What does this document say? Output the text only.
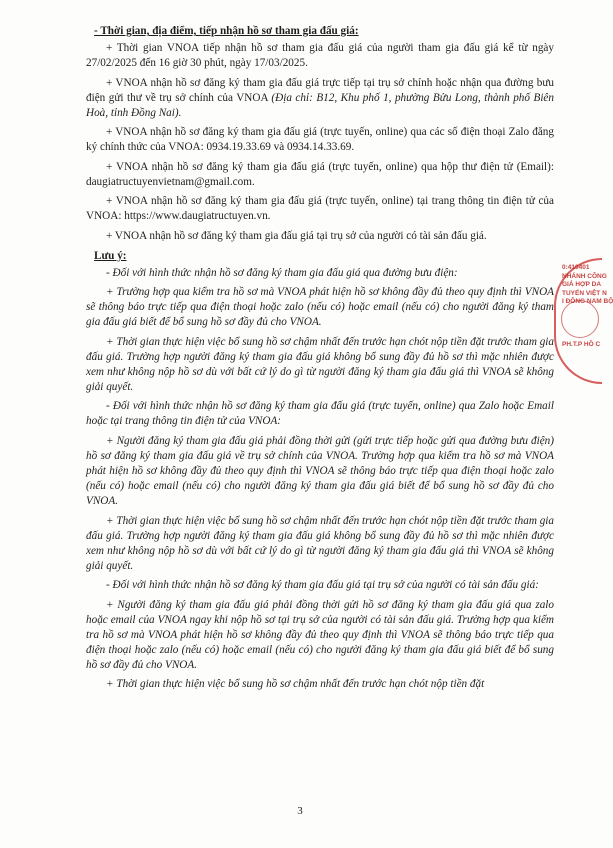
- Thời gian, địa điểm, tiếp nhận hồ sơ tham gia đấu giá:

+ Thời gian VNOA tiếp nhận hồ sơ tham gia đấu giá của người tham gia đấu giá kể từ ngày 27/02/2025 đến 16 giờ 30 phút, ngày 17/03/2025.

+ VNOA nhận hồ sơ đăng ký tham gia đấu giá trực tiếp tại trụ sở chính hoặc nhận qua đường bưu điện gửi thư về trụ sở chính của VNOA (Địa chỉ: B12, Khu phố 1, phường Bửu Long, thành phố Biên Hoà, tỉnh Đồng Nai).

+ VNOA nhận hồ sơ đăng ký tham gia đấu giá (trực tuyến, online) qua các số điện thoại Zalo đăng ký chính thức của VNOA: 0934.19.33.69 và 0934.14.33.69.

+ VNOA nhận hồ sơ đăng ký tham gia đấu giá (trực tuyến, online) qua hộp thư điện tử (Email): daugiatructuyenvietnam@gmail.com.

+ VNOA nhận hồ sơ đăng ký tham gia đấu giá (trực tuyến, online) tại trang thông tin điện tử của VNOA: https://www.daugiatructuyen.vn.

+ VNOA nhận hồ sơ đăng ký tham gia đấu giá tại trụ sở của người có tài sản đấu giá.

Lưu ý:

- Đối với hình thức nhận hồ sơ đăng ký tham gia đấu giá qua đường bưu điện:

+ Trường hợp qua kiểm tra hồ sơ mà VNOA phát hiện hồ sơ không đầy đủ theo quy định thì VNOA sẽ thông báo trực tiếp qua điện thoại hoặc zalo (nếu có) hoặc email (nếu có) cho người đăng ký tham gia đấu giá biết để bổ sung hồ sơ đầy đủ cho VNOA.

+ Thời gian thực hiện việc bổ sung hồ sơ chậm nhất đến trước hạn chót nộp tiền đặt trước tham gia đấu giá. Trường hợp người đăng ký tham gia đấu giá không bổ sung đầy đủ hồ sơ thì mặc nhiên được xem như không nộp hồ sơ dù với bất cứ lý do gì từ người đăng ký tham gia đấu giá thì VNOA sẽ không giải quyết.

- Đối với hình thức nhận hồ sơ đăng ký tham gia đấu giá (trực tuyến, online) qua Zalo hoặc Email hoặc tại trang thông tin điện tử của VNOA:

+ Người đăng ký tham gia đấu giá phải đồng thời gửi (gửi trực tiếp hoặc gửi qua đường bưu điện) hồ sơ đăng ký tham gia đấu giá về trụ sở chính của VNOA. Trường hợp qua kiểm tra hồ sơ mà VNOA phát hiện hồ sơ không đầy đủ theo quy định thì VNOA sẽ thông báo trực tiếp qua điện thoại hoặc zalo (nếu có) hoặc email (nếu có) cho người đăng ký tham gia đấu giá biết để bổ sung hồ sơ đầy đủ cho VNOA.

+ Thời gian thực hiện việc bổ sung hồ sơ chậm nhất đến trước hạn chót nộp tiền đặt trước tham gia đấu giá. Trường hợp người đăng ký tham gia đấu giá không bổ sung đầy đủ hồ sơ thì mặc nhiên được xem như không nộp hồ sơ dù với bất cứ lý do gì từ người đăng ký tham gia đấu giá thì VNOA sẽ không giải quyết.

- Đối với hình thức nhận hồ sơ đăng ký tham gia đấu giá tại trụ sở của người có tài sản đấu giá:

+ Người đăng ký tham gia đấu giá phải đồng thời gửi hồ sơ đăng ký tham gia đấu giá qua zalo hoặc email của VNOA ngay khi nộp hồ sơ tại trụ sở của người có tài sản đấu giá. Trường hợp qua kiểm tra hồ sơ mà VNOA phát hiện hồ sơ không đầy đủ theo quy định thì VNOA sẽ thông báo trực tiếp qua điện thoại hoặc zalo (nếu có) hoặc email (nếu có) cho người đăng ký tham gia đấu giá biết để bổ sung hồ sơ đầy đủ cho VNOA.

+ Thời gian thực hiện việc bổ sung hồ sơ chậm nhất đến trước hạn chót nộp tiền đặt

0:410401
NHÁNH CÔNG
GIÁ HỢP DA
TUYẾN VIỆT N
I ĐÔNG NAM BỘ

PH.T.P HỒ C
3
